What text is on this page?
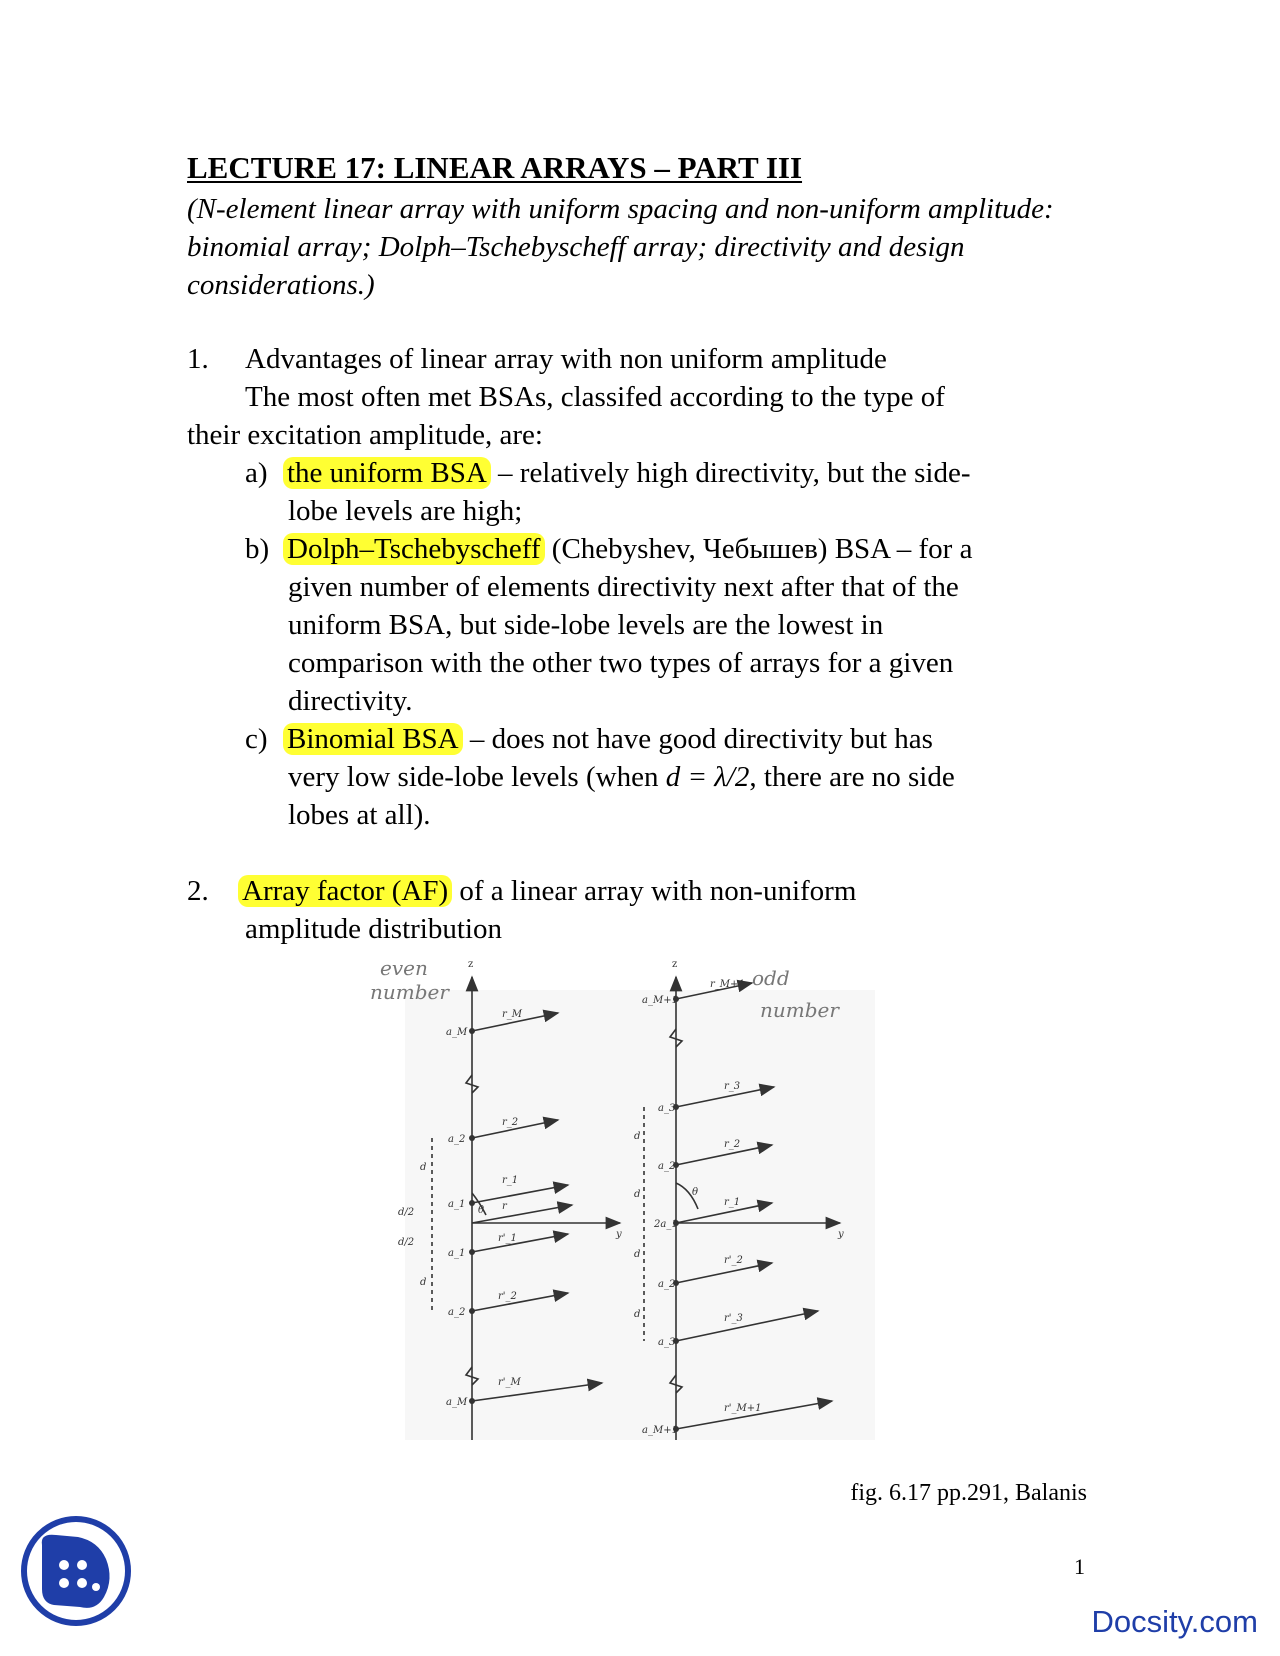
LECTURE 17: LINEAR ARRAYS – PART III
(N-element linear array with uniform spacing and non-uniform amplitude: binomial array; Dolph–Tschebyscheff array; directivity and design considerations.)
1. Advantages of linear array with non uniform amplitude
The most often met BSAs, classifed according to the type of
their excitation amplitude, are:
a) the uniform BSA – relatively high directivity, but the side-
lobe levels are high;
b) Dolph–Tschebyscheff (Chebyshev, Чебышев) BSA – for a
given number of elements directivity next after that of the
uniform BSA, but side-lobe levels are the lowest in
comparison with the other two types of arrays for a given
directivity.
c) Binomial BSA – does not have good directivity but has
very low side-lobe levels (when d = λ/2, there are no side
lobes at all).
2. Array factor (AF) of a linear array with non-uniform
amplitude distribution
even
number
z
a_M
a_2
a_1
a_1
a_2
a_M
r_M
r_2
r_1
r
r'_1
r'_2
r'_M
d
d/2
d/2
d
θ
y
odd
number
z
a_M+1
a_3
a_2
2a_1
a_2
a_3
a_M+1
r_M+1
r_3
r_2
r_1
r'_2
r'_3
r'_M+1
d
d
d
d
θ
y
fig. 6.17 pp.291, Balanis
1
Docsity.com
